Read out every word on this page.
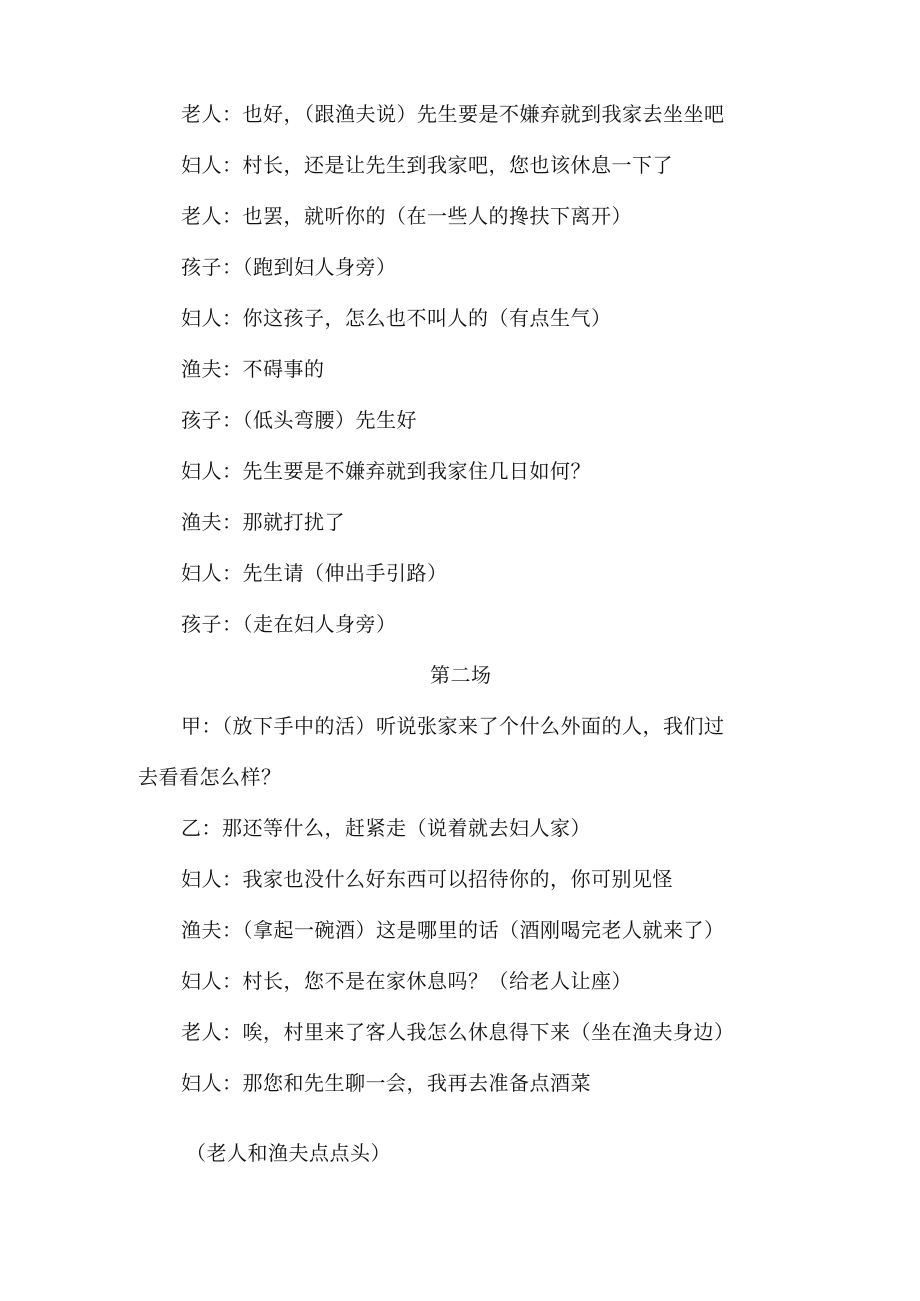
老人：也好，（跟渔夫说）先生要是不嫌弃就到我家去坐坐吧
妇人：村长，还是让先生到我家吧，您也该休息一下了
老人：也罢，就听你的（在一些人的搀扶下离开）
孩子：（跑到妇人身旁）
妇人：你这孩子，怎么也不叫人的（有点生气）
渔夫：不碍事的
孩子：（低头弯腰）先生好
妇人：先生要是不嫌弃就到我家住几日如何？
渔夫：那就打扰了
妇人：先生请（伸出手引路）
孩子：（走在妇人身旁）
第二场
甲：（放下手中的活）听说张家来了个什么外面的人，我们过
去看看怎么样？
乙：那还等什么，赶紧走（说着就去妇人家）
妇人：我家也没什么好东西可以招待你的，你可别见怪
渔夫：（拿起一碗酒）这是哪里的话（酒刚喝完老人就来了）
妇人：村长，您不是在家休息吗？（给老人让座）
老人：唉，村里来了客人我怎么休息得下来（坐在渔夫身边）
妇人：那您和先生聊一会，我再去准备点酒菜
（老人和渔夫点点头）
